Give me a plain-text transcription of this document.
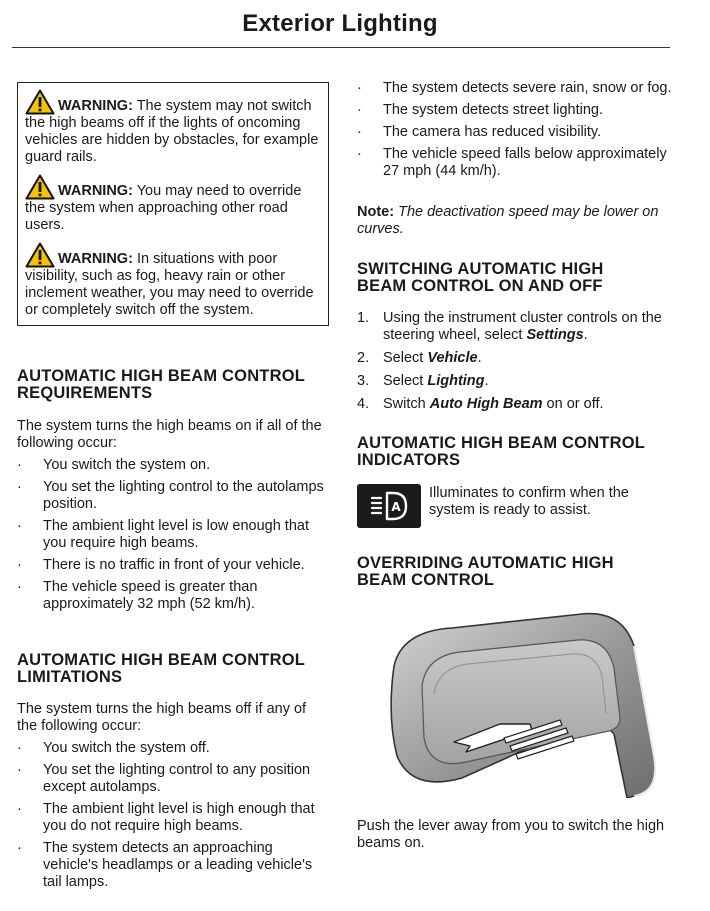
Exterior Lighting

WARNING: The system may not switch the high beams off if the lights of oncoming vehicles are hidden by obstacles, for example guard rails.

WARNING: You may need to override the system when approaching other road users.

WARNING: In situations with poor visibility, such as fog, heavy rain or other inclement weather, you may need to override or completely switch off the system.

AUTOMATIC HIGH BEAM CONTROL REQUIREMENTS

The system turns the high beams on if all of the following occur:

· You switch the system on.
· You set the lighting control to the autolamps position.
· The ambient light level is low enough that you require high beams.
· There is no traffic in front of your vehicle.
· The vehicle speed is greater than approximately 32 mph (52 km/h).
AUTOMATIC HIGH BEAM CONTROL LIMITATIONS

The system turns the high beams off if any of the following occur:

· You switch the system off.
· You set the lighting control to any position except autolamps.
· The ambient light level is high enough that you do not require high beams.
· The system detects an approaching vehicle's headlamps or a leading vehicle's tail lamps.
· The system detects severe rain, snow or fog.
· The system detects street lighting.
· The camera has reduced visibility.
· The vehicle speed falls below approximately 27 mph (44 km/h).

Note: The deactivation speed may be lower on curves.

SWITCHING AUTOMATIC HIGH BEAM CONTROL ON AND OFF
1. Using the instrument cluster controls on the steering wheel, select Settings.
2. Select Vehicle.
3. Select Lighting.
4. Switch Auto High Beam on or off.
AUTOMATIC HIGH BEAM CONTROL INDICATORS
A

Illuminates to confirm when the system is ready to assist.

OVERRIDING AUTOMATIC HIGH BEAM CONTROL

Push the lever away from you to switch the high beams on.
